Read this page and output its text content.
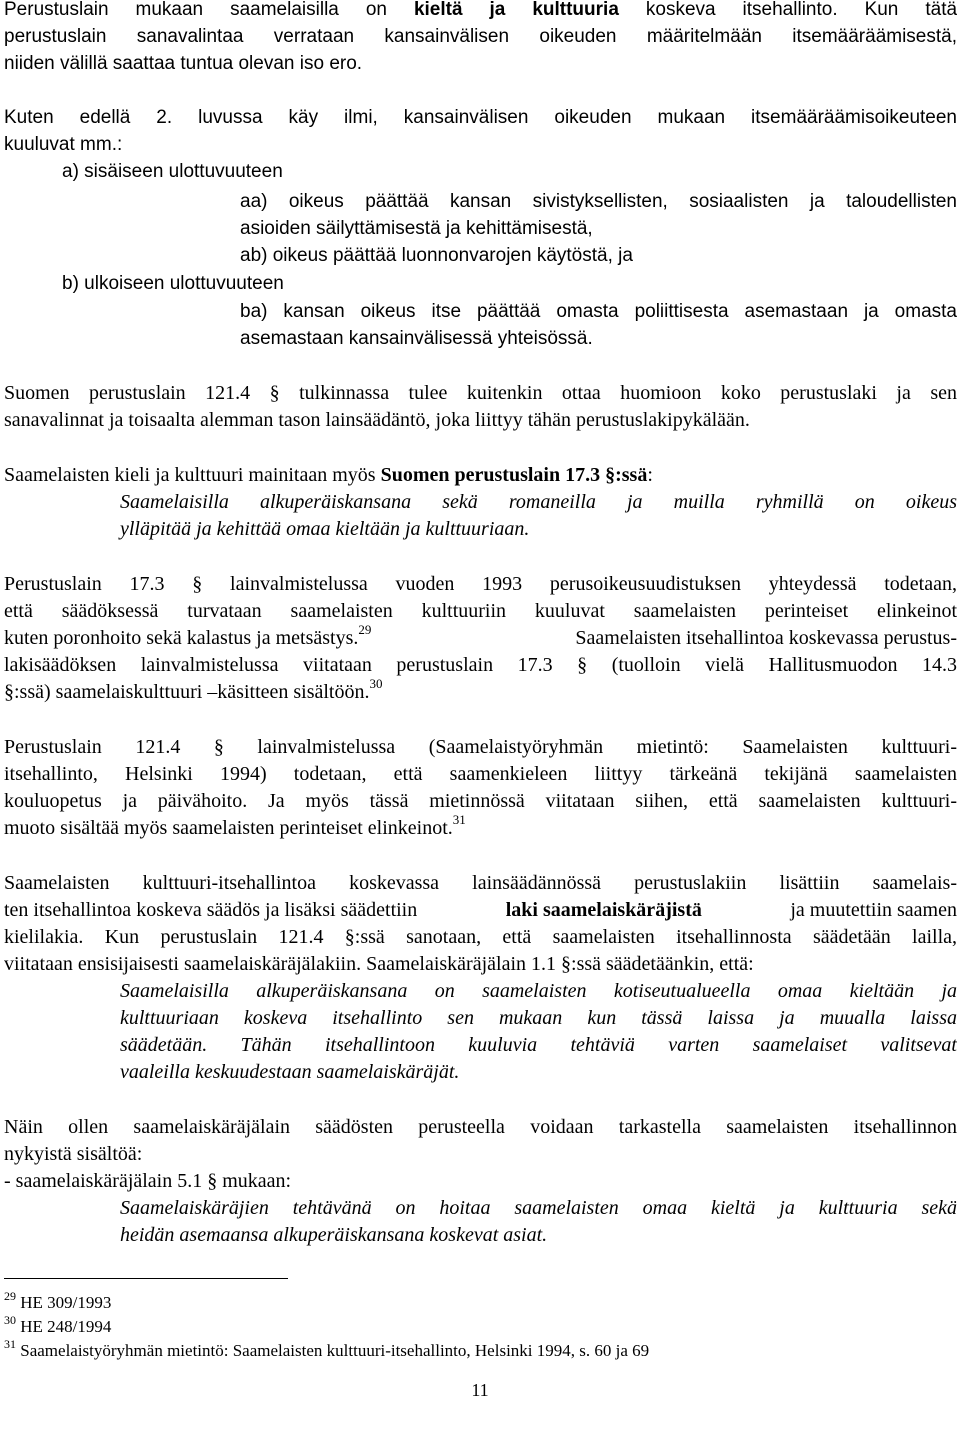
Perustuslain mukaan saamelaisilla on kieltä ja kulttuuria koskeva itsehallinto. Kun tätä
perustuslain sanavalintaa verrataan kansainvälisen oikeuden määritelmään itsemääräämisestä,
niiden välillä saattaa tuntua olevan iso ero.
Kuten edellä 2. luvussa käy ilmi, kansainvälisen oikeuden mukaan itsemääräämisoikeuteen
kuuluvat mm.:
a) sisäiseen ulottuvuuteen
aa) oikeus päättää kansan sivistyksellisten, sosiaalisten ja taloudellisten
asioiden säilyttämisestä ja kehittämisestä,
ab) oikeus päättää luonnonvarojen käytöstä, ja
b) ulkoiseen ulottuvuuteen
ba) kansan oikeus itse päättää omasta poliittisesta asemastaan ja omasta
asemastaan kansainvälisessä yhteisössä.
Suomen perustuslain 121.4 § tulkinnassa tulee kuitenkin ottaa huomioon koko perustuslaki ja sen
sanavalinnat ja toisaalta alemman tason lainsäädäntö, joka liittyy tähän perustuslakipykälään.
Saamelaisten kieli ja kulttuuri mainitaan myös Suomen perustuslain 17.3 §:ssä:
Saamelaisilla alkuperäiskansana sekä romaneilla ja muilla ryhmillä on oikeus
ylläpitää ja kehittää omaa kieltään ja kulttuuriaan.
Perustuslain 17.3 § lainvalmistelussa vuoden 1993 perusoikeusuudistuksen yhteydessä todetaan,
että säädöksessä turvataan saamelaisten kulttuuriin kuuluvat saamelaisten perinteiset elinkeinot
kuten poronhoito sekä kalastus ja metsästys.$^{29}$	Saamelaisten itsehallintoa koskevassa perustus-
lakisäädöksen lainvalmistelussa viitataan perustuslain 17.3 § (tuolloin vielä Hallitusmuodon 14.3
§:ssä) saamelaiskulttuuri –käsitteen sisältöön.$^{30}$
Perustuslain 121.4 § lainvalmistelussa (Saamelaistyöryhmän mietintö: Saamelaisten kulttuuri-
itsehallinto, Helsinki 1994) todetaan, että saamenkieleen liittyy tärkeänä tekijänä saamelaisten
kouluopetus ja päivähoito. Ja myös tässä mietinnössä viitataan siihen, että saamelaisten kulttuuri-
muoto sisältää myös saamelaisten perinteiset elinkeinot.$^{31}$
Saamelaisten kulttuuri-itsehallintoa koskevassa lainsäädännössä perustuslakiin lisättiin saamelais-
ten itsehallintoa koskeva säädös ja lisäksi säädettiin	laki saamelaiskäräjistä	ja muutettiin saamen
kielilakia. Kun perustuslain 121.4 §:ssä sanotaan, että saamelaisten itsehallinnosta säädetään lailla,
viitataan ensisijaisesti saamelaiskäräjälakiin. Saamelaiskäräjälain 1.1 §:ssä säädetäänkin, että:
Saamelaisilla alkuperäiskansana on saamelaisten kotiseutualueella omaa kieltään ja
kulttuuriaan koskeva itsehallinto sen mukaan kun tässä laissa ja muualla laissa
säädetään. Tähän itsehallintoon kuuluvia tehtäviä varten saamelaiset valitsevat
vaaleilla keskuudestaan saamelaiskäräjät.
Näin ollen saamelaiskäräjälain säädösten perusteella voidaan tarkastella saamelaisten itsehallinnon
nykyistä sisältöä:
- saamelaiskäräjälain 5.1 § mukaan:
Saamelaiskäräjien tehtävänä on hoitaa saamelaisten omaa kieltä ja kulttuuria sekä
heidän asemaansa alkuperäiskansana koskevat asiat.
$^{29}$ HE 309/1993
$^{30}$ HE 248/1994
$^{31}$ Saamelaistyöryhmän mietintö: Saamelaisten kulttuuri-itsehallinto, Helsinki 1994, s. 60 ja 69
11
